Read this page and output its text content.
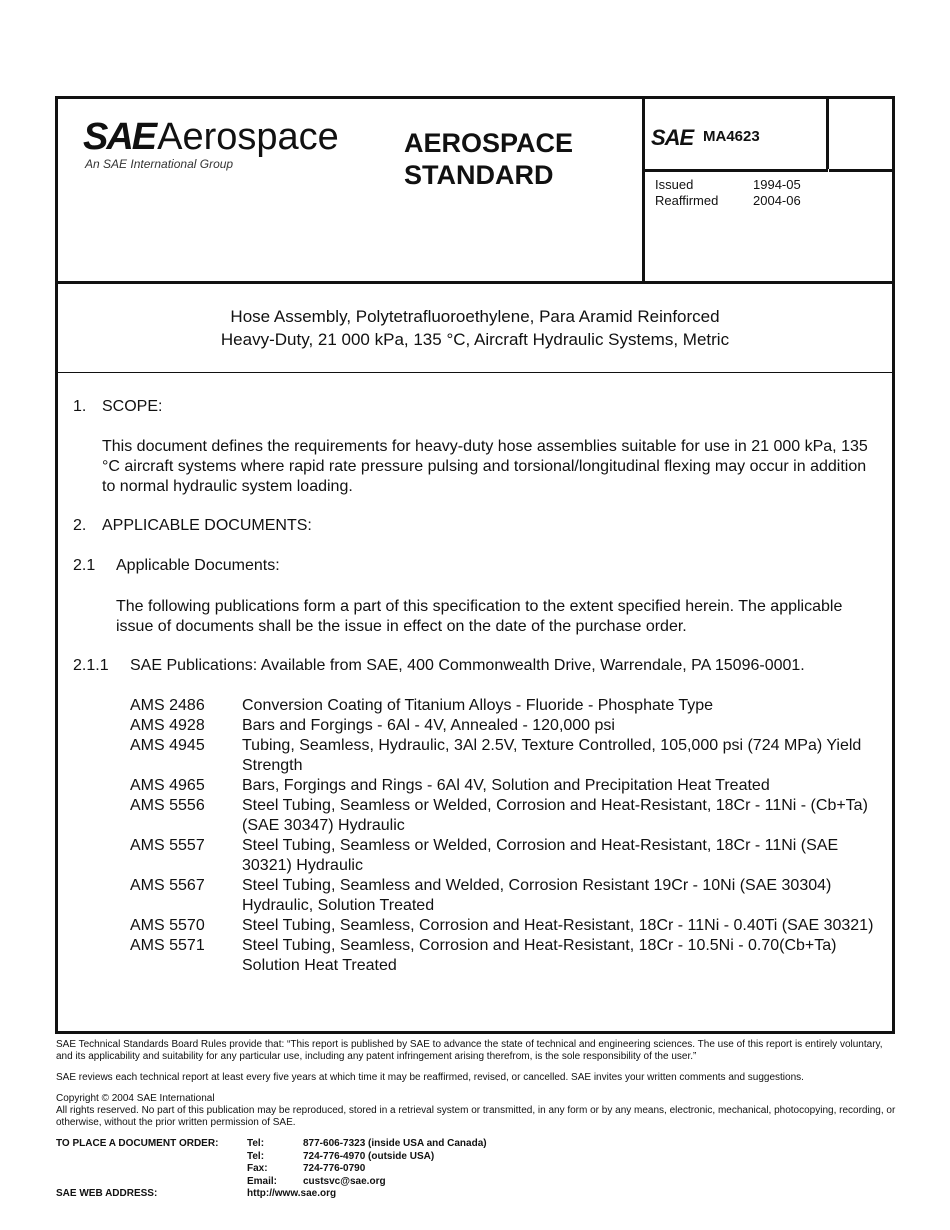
SAEAerospace
An SAE International Group
AEROSPACE
STANDARD
SAE MA4623
Issued	1994-05
Reaffirmed	2004-06
Hose Assembly, Polytetrafluoroethylene, Para Aramid Reinforced
Heavy-Duty, 21 000 kPa, 135 °C, Aircraft Hydraulic Systems, Metric
1. SCOPE:
This document defines the requirements for heavy-duty hose assemblies suitable for use in 21 000 kPa, 135 °C aircraft systems where rapid rate pressure pulsing and torsional/longitudinal flexing may occur in addition to normal hydraulic system loading.
2. APPLICABLE DOCUMENTS:
2.1 Applicable Documents:
The following publications form a part of this specification to the extent specified herein. The applicable issue of documents shall be the issue in effect on the date of the purchase order.
2.1.1 SAE Publications: Available from SAE, 400 Commonwealth Drive, Warrendale, PA 15096-0001.
AMS 2486	Conversion Coating of Titanium Alloys - Fluoride - Phosphate Type
AMS 4928	Bars and Forgings - 6Al - 4V, Annealed - 120,000 psi
AMS 4945	Tubing, Seamless, Hydraulic, 3Al 2.5V, Texture Controlled, 105,000 psi (724 MPa) Yield Strength
AMS 4965	Bars, Forgings and Rings - 6Al 4V, Solution and Precipitation Heat Treated
AMS 5556	Steel Tubing, Seamless or Welded, Corrosion and Heat-Resistant, 18Cr - 11Ni - (Cb+Ta) (SAE 30347) Hydraulic
AMS 5557	Steel Tubing, Seamless or Welded, Corrosion and Heat-Resistant, 18Cr - 11Ni (SAE 30321) Hydraulic
AMS 5567	Steel Tubing, Seamless and Welded, Corrosion Resistant 19Cr - 10Ni (SAE 30304) Hydraulic, Solution Treated
AMS 5570	Steel Tubing, Seamless, Corrosion and Heat-Resistant, 18Cr - 11Ni - 0.40Ti (SAE 30321)
AMS 5571	Steel Tubing, Seamless, Corrosion and Heat-Resistant, 18Cr - 10.5Ni - 0.70(Cb+Ta) Solution Heat Treated

SAE Technical Standards Board Rules provide that: “This report is published by SAE to advance the state of technical and engineering sciences. The use of this report is entirely voluntary, and its applicability and suitability for any particular use, including any patent infringement arising therefrom, is the sole responsibility of the user.”

SAE reviews each technical report at least every five years at which time it may be reaffirmed, revised, or cancelled. SAE invites your written comments and suggestions.

Copyright © 2004 SAE International

All rights reserved. No part of this publication may be reproduced, stored in a retrieval system or transmitted, in any form or by any means, electronic, mechanical, photocopying, recording, or otherwise, without the prior written permission of SAE.

TO PLACE A DOCUMENT ORDER:	Tel:	877-606-7323 (inside USA and Canada)
Tel:	724-776-4970 (outside USA)
Fax:	724-776-0790
Email:	custsvc@sae.org
SAE WEB ADDRESS:	http://www.sae.org
